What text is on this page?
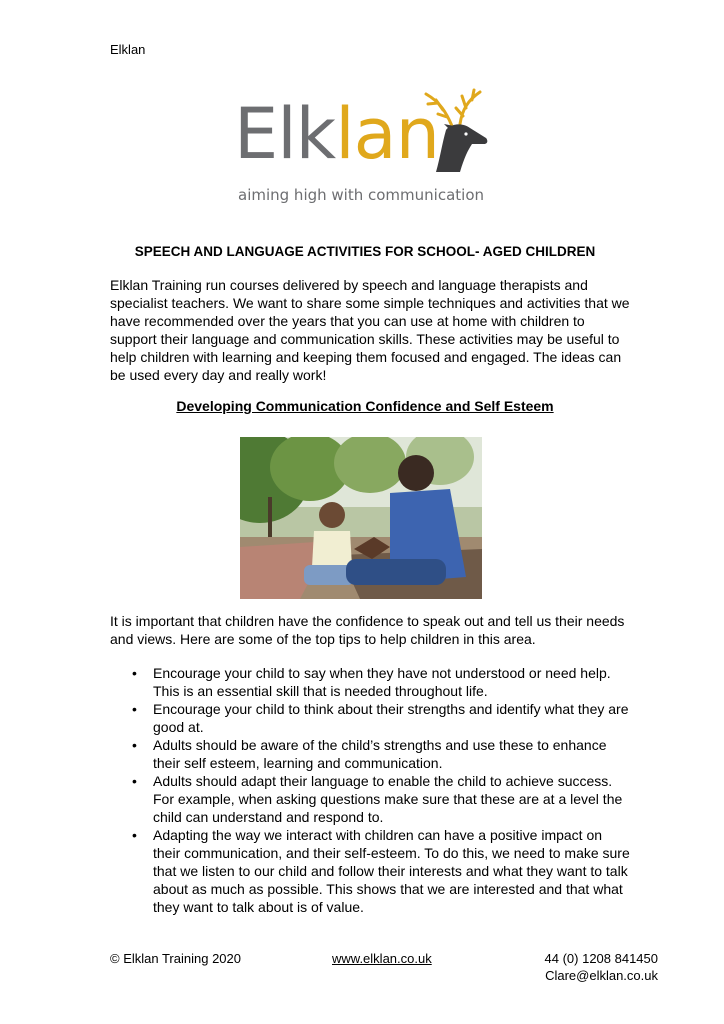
Elklan
Elklan
aiming high with communication
SPEECH AND LANGUAGE ACTIVITIES FOR SCHOOL- AGED CHILDREN

Elklan Training run courses delivered by speech and language therapists and specialist teachers. We want to share some simple techniques and activities that we have recommended over the years that you can use at home with children to support their language and communication skills. These activities may be useful to help children with learning and keeping them focused and engaged. The ideas can be used every day and really work!

Developing Communication Confidence and Self Esteem

It is important that children have the confidence to speak out and tell us their needs and views. Here are some of the top tips to help children in this area.

• Encourage your child to say when they have not understood or need help. This is an essential skill that is needed throughout life.
• Encourage your child to think about their strengths and identify what they are good at.
• Adults should be aware of the child’s strengths and use these to enhance their self esteem, learning and communication.
• Adults should adapt their language to enable the child to achieve success. For example, when asking questions make sure that these are at a level the child can understand and respond to.
• Adapting the way we interact with children can have a positive impact on their communication, and their self-esteem. To do this, we need to make sure that we listen to our child and follow their interests and what they want to talk about as much as possible. This shows that we are interested and that what they want to talk about is of value.
© Elklan Training 2020	www.elklan.co.uk	44 (0) 1208 841450
Clare@elklan.co.uk
